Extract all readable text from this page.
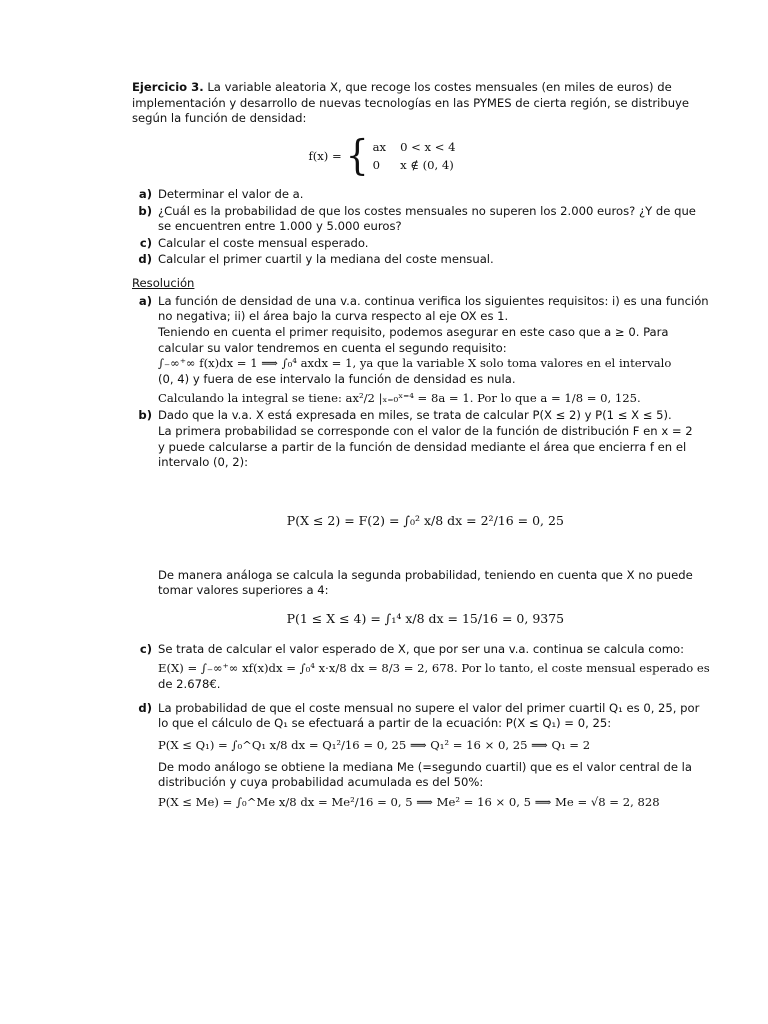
Ejercicio 3. La variable aleatoria X, que recoge los costes mensuales (en miles de euros) de

implementación y desarrollo de nuevas tecnologías en las PYMES de cierta región, se distribuye

según la función de densidad:

f(x) = { ax 0 < x < 4
0	x ∉ (0, 4)
a) Determinar el valor de a.

b) ¿Cuál es la probabilidad de que los costes mensuales no superen los 2.000 euros? ¿Y de que

se encuentren entre 1.000 y 5.000 euros?

c) Calcular el coste mensual esperado.

d) Calcular el primer cuartil y la mediana del coste mensual.

Resolución
a) La función de densidad de una v.a. continua verifica los siguientes requisitos: i) es una función

no negativa; ii) el área bajo la curva respecto al eje OX es 1.

Teniendo en cuenta el primer requisito, podemos asegurar en este caso que a ≥ 0. Para

calcular su valor tendremos en cuenta el segundo requisito:

∫₋∞⁺∞ f(x)dx = 1 ⟹ ∫₀⁴ axdx = 1, ya que la variable X solo toma valores en el intervalo

(0, 4) y fuera de ese intervalo la función de densidad es nula.

Calculando la integral se tiene: ax²/2 |ₓ₌₀ˣ⁼⁴ = 8a = 1. Por lo que a = 1/8 = 0, 125.

b) Dado que la v.a. X está expresada en miles, se trata de calcular P(X ≤ 2) y P(1 ≤ X ≤ 5).

La primera probabilidad se corresponde con el valor de la función de distribución F en x = 2

y puede calcularse a partir de la función de densidad mediante el área que encierra f en el

intervalo (0, 2):

P(X ≤ 2) = F(2) = ∫₀² x/8 dx = 2²/16 = 0, 25

De manera análoga se calcula la segunda probabilidad, teniendo en cuenta que X no puede

tomar valores superiores a 4:

P(1 ≤ X ≤ 4) = ∫₁⁴ x/8 dx = 15/16 = 0, 9375
c) Se trata de calcular el valor esperado de X, que por ser una v.a. continua se calcula como:

E(X) = ∫₋∞⁺∞ xf(x)dx = ∫₀⁴ x·x/8 dx = 8/3 = 2, 678. Por lo tanto, el coste mensual esperado es

de 2.678€.

d) La probabilidad de que el coste mensual no supere el valor del primer cuartil Q₁ es 0, 25, por

lo que el cálculo de Q₁ se efectuará a partir de la ecuación: P(X ≤ Q₁) = 0, 25:

P(X ≤ Q₁) = ∫₀^Q₁ x/8 dx = Q₁²/16 = 0, 25 ⟹ Q₁² = 16 × 0, 25 ⟹ Q₁ = 2

De modo análogo se obtiene la mediana Me (=segundo cuartil) que es el valor central de la

distribución y cuya probabilidad acumulada es del 50%:

P(X ≤ Me) = ∫₀^Me x/8 dx = Me²/16 = 0, 5 ⟹ Me² = 16 × 0, 5 ⟹ Me = √8 = 2, 828
